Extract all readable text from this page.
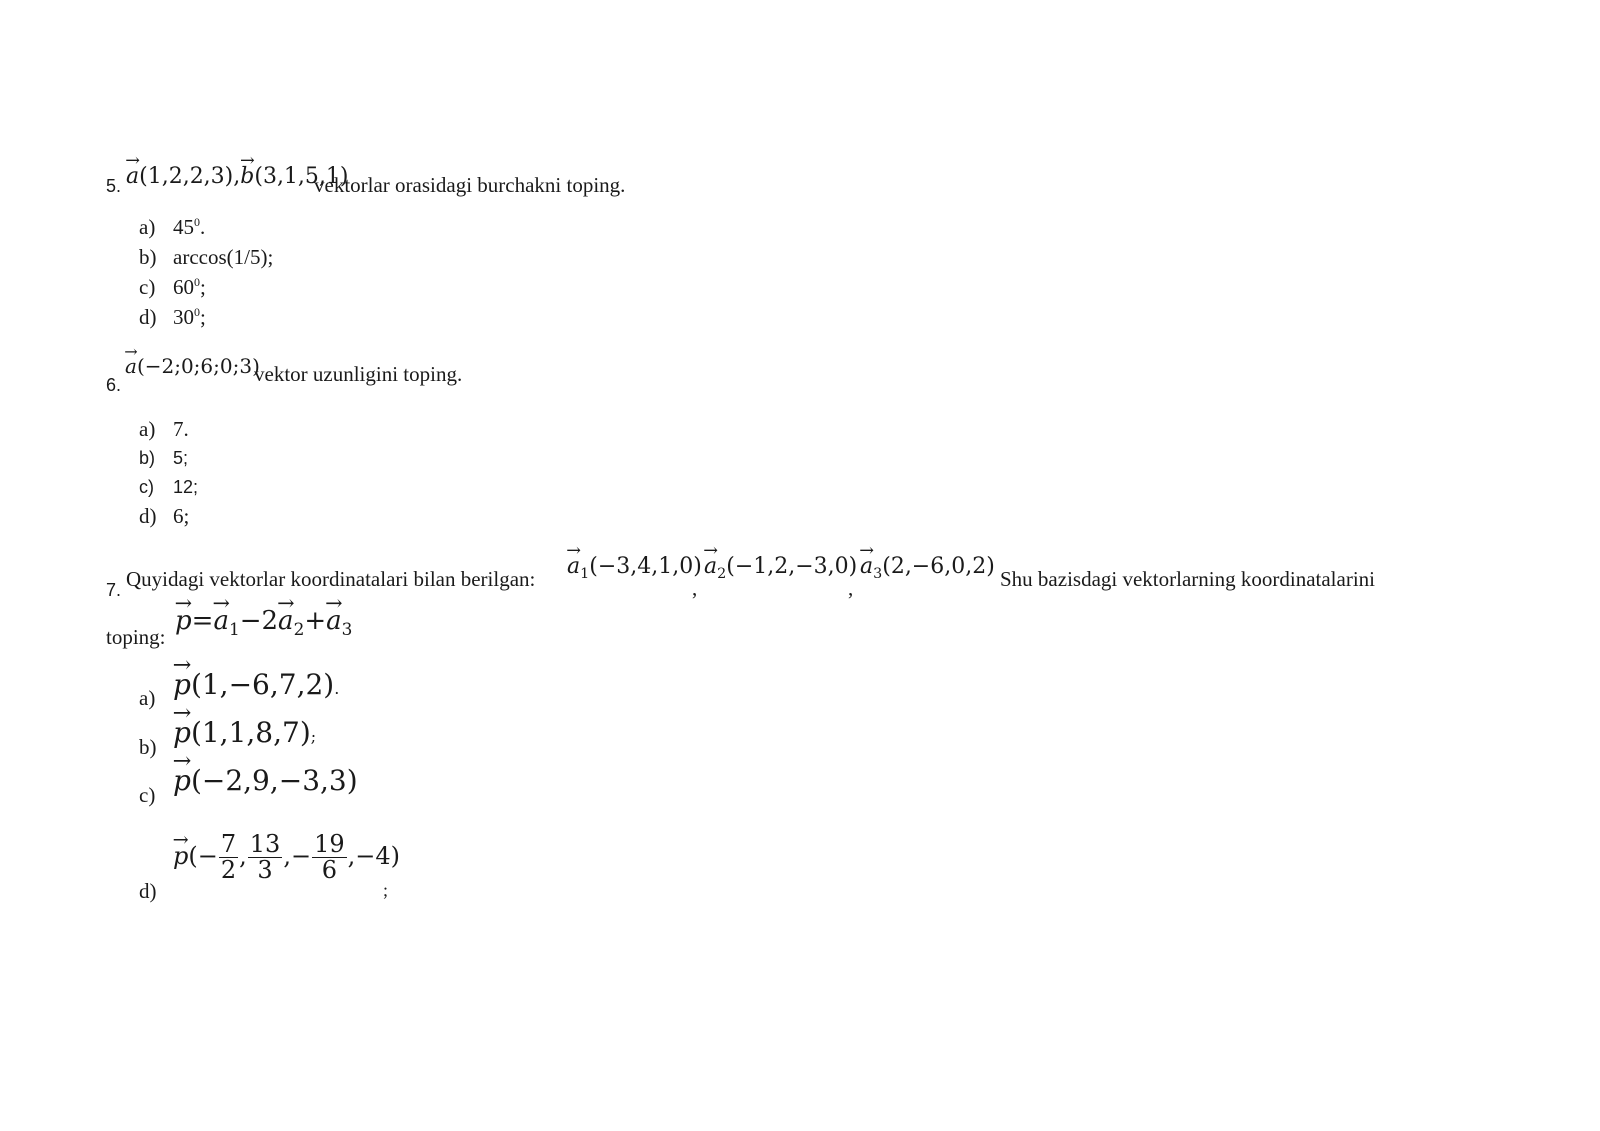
5. → a(1,2,2,3),→ b(3,1,5,1)
vektorlar orasidagi burchakni toping.
a) $45^0$.
b) arccos(1/5);
c) $60^0$;
d) $30^0$;
6.
→ a(−2;0;6;0;3)
vektor uzunligini toping.
a) 7.
b) 5;
c) 12;
d) 6;
7. Quyidagi vektorlar koordinatalari bilan berilgan: → $a_1(-3,4,1,0)$
,
→ $a_2(-1,2,-3,0)$
,
→ $a_3(2,-6,0,2)$ Shu bazisdagi vektorlarning koordinatalarini
toping:
→ $p=\to a_1-2\to a_2+\to a_3$
a) → p(1,−6,7,2).
b) → p(1,1,8,7);
c) → p(−2,9,−3,3)
d)
→ $p(- \frac{7}{2}$ , $\frac{13}{3}$ ,− $\frac{19}{6} ,-4$)
;
